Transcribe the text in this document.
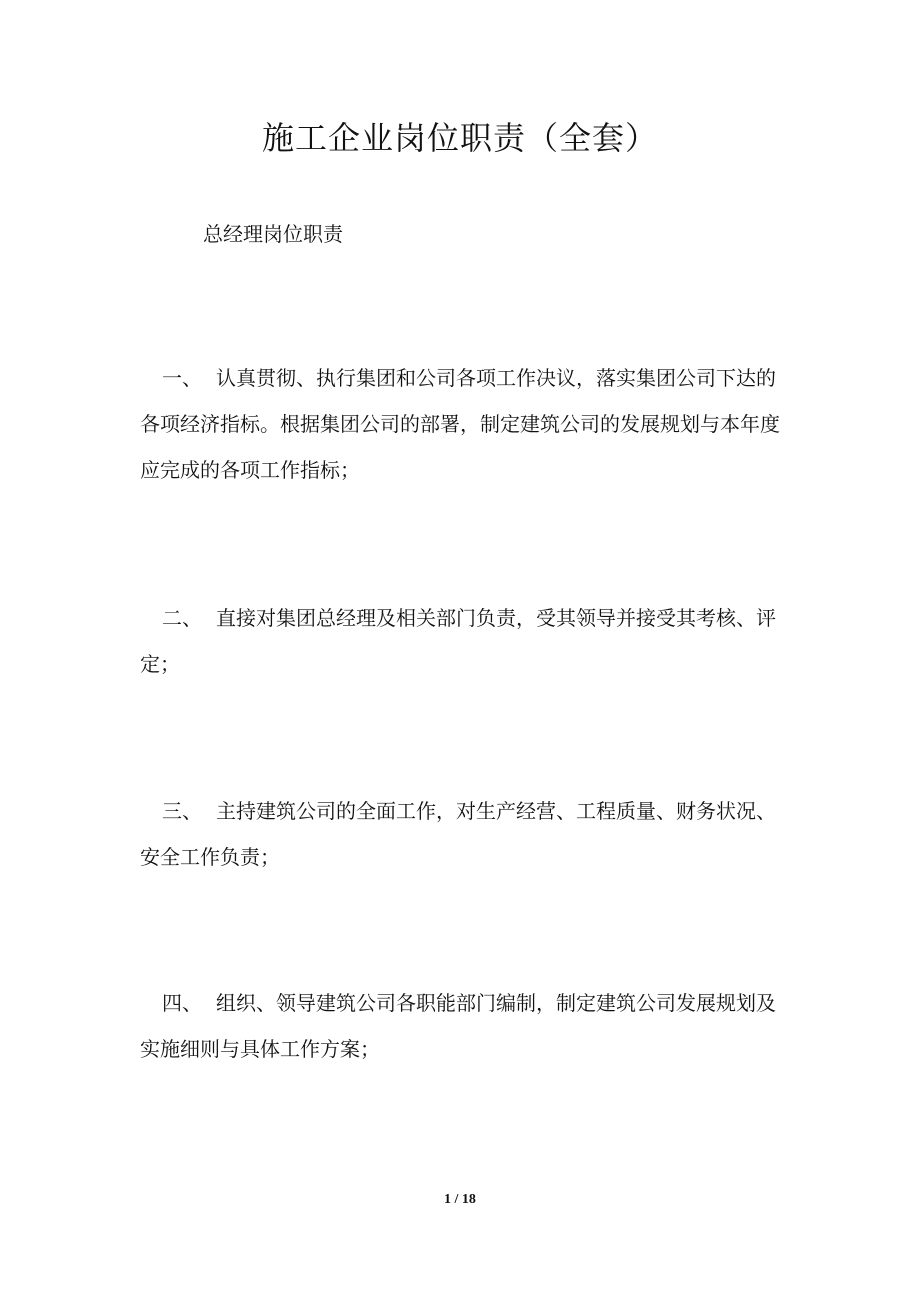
施工企业岗位职责（全套）
总经理岗位职责

一、 认真贯彻、执行集团和公司各项工作决议，落实集团公司下达的各项经济指标。根据集团公司的部署，制定建筑公司的发展规划与本年度应完成的各项工作指标；

二、 直接对集团总经理及相关部门负责，受其领导并接受其考核、评定；

三、 主持建筑公司的全面工作，对生产经营、工程质量、财务状况、安全工作负责；

四、 组织、领导建筑公司各职能部门编制，制定建筑公司发展规划及实施细则与具体工作方案；

1 / 18
